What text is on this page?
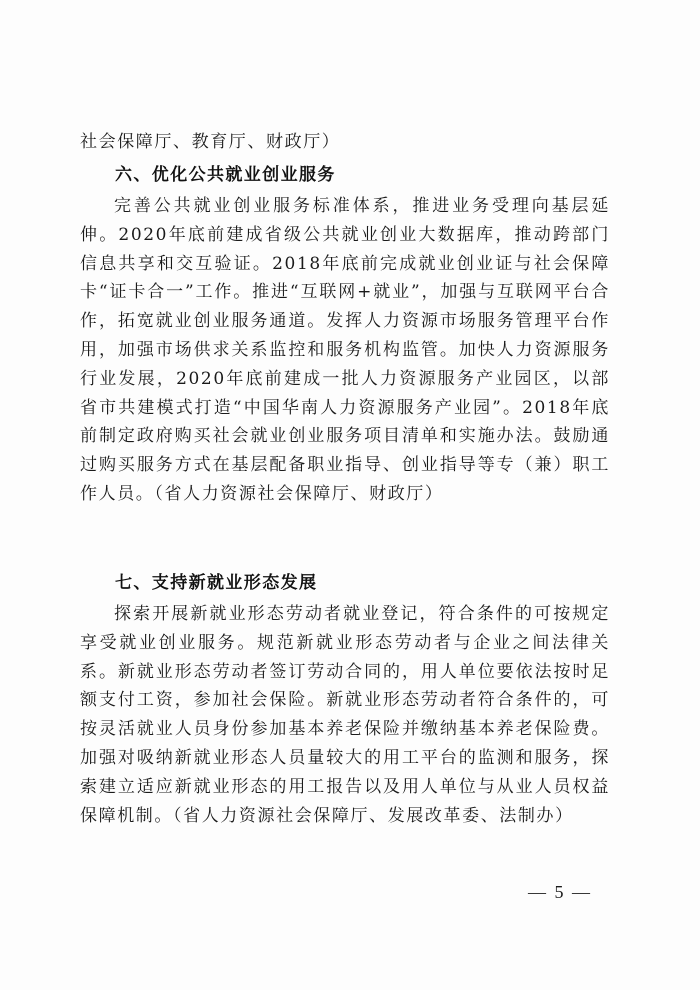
社会保障厅、教育厅、财政厅）

六、优化公共就业创业服务

完善公共就业创业服务标准体系，推进业务受理向基层延伸。2020年底前建成省级公共就业创业大数据库，推动跨部门信息共享和交互验证。2018年底前完成就业创业证与社会保障卡“证卡合一”工作。推进“互联网+就业”，加强与互联网平台合作，拓宽就业创业服务通道。发挥人力资源市场服务管理平台作用，加强市场供求关系监控和服务机构监管。加快人力资源服务行业发展，2020年底前建成一批人力资源服务产业园区，以部省市共建模式打造“中国华南人力资源服务产业园”。2018年底前制定政府购买社会就业创业服务项目清单和实施办法。鼓励通过购买服务方式在基层配备职业指导、创业指导等专（兼）职工作人员。（省人力资源社会保障厅、财政厅）

七、支持新就业形态发展

探索开展新就业形态劳动者就业登记，符合条件的可按规定享受就业创业服务。规范新就业形态劳动者与企业之间法律关系。新就业形态劳动者签订劳动合同的，用人单位要依法按时足额支付工资，参加社会保险。新就业形态劳动者符合条件的，可按灵活就业人员身份参加基本养老保险并缴纳基本养老保险费。加强对吸纳新就业形态人员量较大的用工平台的监测和服务，探索建立适应新就业形态的用工报告以及用人单位与从业人员权益保障机制。（省人力资源社会保障厅、发展改革委、法制办）

— 5 —
